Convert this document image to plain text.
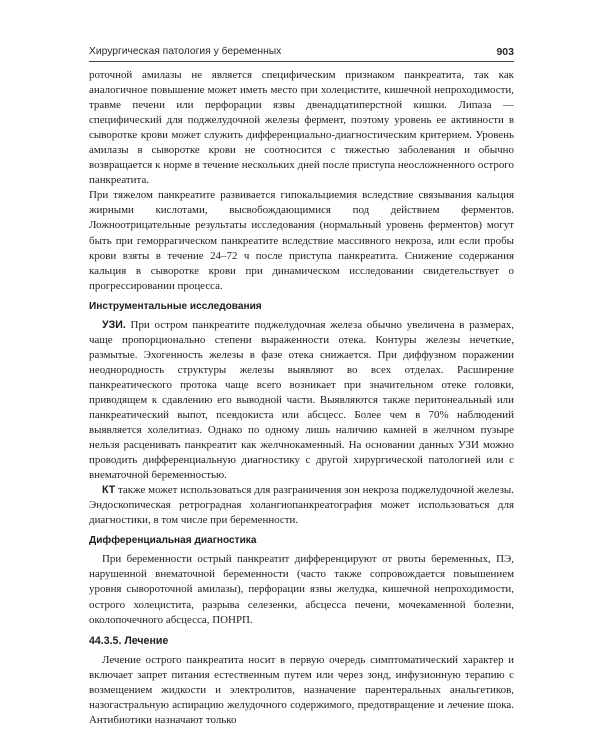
Хирургическая патология у беременных	903

роточной амилазы не является специфическим признаком панкреатита, так как аналогичное повышение может иметь место при холецистите, кишечной непроходимости, травме печени или перфорации язвы двенадцатиперстной кишки. Липаза — специфический для поджелудочной железы фермент, поэтому уровень ее активности в сыворотке крови может служить дифференциально-диагностическим критерием. Уровень амилазы в сыворотке крови не соотносится с тяжестью заболевания и обычно возвращается к норме в течение нескольких дней после приступа неосложненного острого панкреатита.

При тяжелом панкреатите развивается гипокальциемия вследствие связывания кальция жирными кислотами, высвобождающимися под действием ферментов. Ложноотрицательные результаты исследования (нормальный уровень ферментов) могут быть при геморрагическом панкреатите вследствие массивного некроза, или если пробы крови взяты в течение 24–72 ч после приступа панкреатита. Снижение содержания кальция в сыворотке крови при динамическом исследовании свидетельствует о прогрессировании процесса.

Инструментальные исследования

УЗИ. При остром панкреатите поджелудочная железа обычно увеличена в размерах, чаще пропорционально степени выраженности отека. Контуры железы нечеткие, размытые. Эхогенность железы в фазе отека снижается. При диффузном поражении неоднородность структуры железы выявляют во всех отделах. Расширение панкреатического протока чаще всего возникает при значительном отеке головки, приводящем к сдавлению его выводной части. Выявляются также перитонеальный или панкреатический выпот, псевдокиста или абсцесс. Более чем в 70% наблюдений выявляется холелитиаз. Однако по одному лишь наличию камней в желчном пузыре нельзя расценивать панкреатит как желчнокаменный. На основании данных УЗИ можно проводить дифференциальную диагностику с другой хирургической патологией или с внематочной беременностью.

КТ также может использоваться для разграничения зон некроза поджелудочной железы. Эндоскопическая ретроградная холангиопанкреатография может использоваться для диагностики, в том числе при беременности.

Дифференциальная диагностика

При беременности острый панкреатит дифференцируют от рвоты беременных, ПЭ, нарушенной внематочной беременности (часто также сопровождается повышением уровня сывороточной амилазы), перфорации язвы желудка, кишечной непроходимости, острого холецистита, разрыва селезенки, абсцесса печени, мочекаменной болезни, околопочечного абсцесса, ПОНРП.

44.3.5. Лечение

Лечение острого панкреатита носит в первую очередь симптоматический характер и включает запрет питания естественным путем или через зонд, инфузионную терапию с возмещением жидкости и электролитов, назначение парентеральных анальгетиков, назогастральную аспирацию желудочного содержимого, предотвращение и лечение шока. Антибиотики назначают только
